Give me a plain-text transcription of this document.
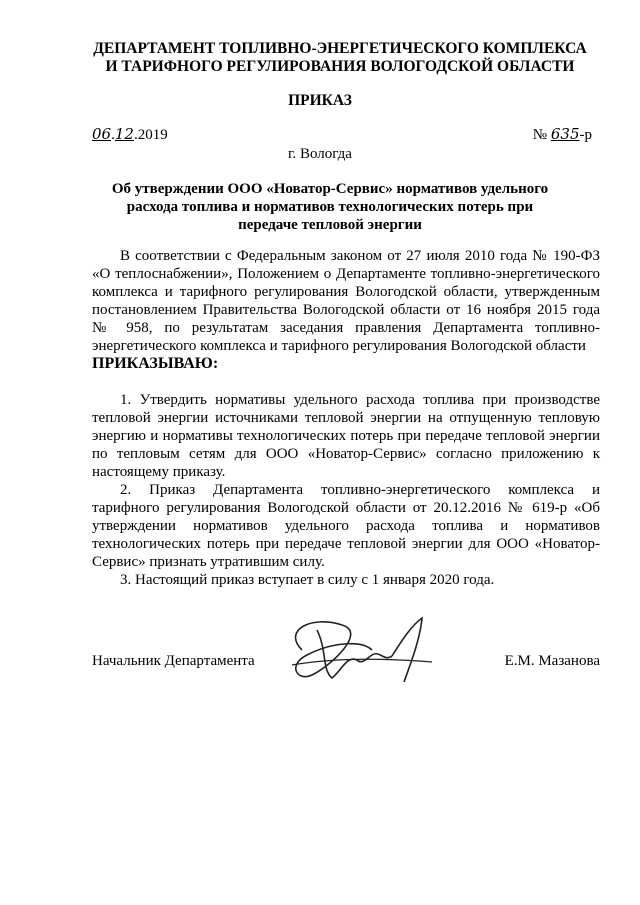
ДЕПАРТАМЕНТ ТОПЛИВНО-ЭНЕРГЕТИЧЕСКОГО КОМПЛЕКСА
И ТАРИФНОГО РЕГУЛИРОВАНИЯ ВОЛОГОДСКОЙ ОБЛАСТИ
ПРИКАЗ
06.12.2019	№ 635-р
г. Вологда
Об утверждении ООО «Новатор-Сервис» нормативов удельного расхода топлива и нормативов технологических потерь при передаче тепловой энергии

В соответствии с Федеральным законом от 27 июля 2010 года № 190-ФЗ «О теплоснабжении», Положением о Департаменте топливно-энергетического комплекса и тарифного регулирования Вологодской области, утвержденным постановлением Правительства Вологодской области от 16 ноября 2015 года № 958, по результатам заседания правления Департамента топливно-энергетического комплекса и тарифного регулирования Вологодской области

ПРИКАЗЫВАЮ:

1. Утвердить нормативы удельного расхода топлива при производстве тепловой энергии источниками тепловой энергии на отпущенную тепловую энергию и нормативы технологических потерь при передаче тепловой энергии по тепловым сетям для ООО «Новатор-Сервис» согласно приложению к настоящему приказу.

2. Приказ Департамента топливно-энергетического комплекса и тарифного регулирования Вологодской области от 20.12.2016 № 619-р «Об утверждении нормативов удельного расхода топлива и нормативов технологических потерь при передаче тепловой энергии для ООО «Новатор-Сервис» признать утратившим силу.

3. Настоящий приказ вступает в силу с 1 января 2020 года.

Начальник Департамента	Е.М. Мазанова
